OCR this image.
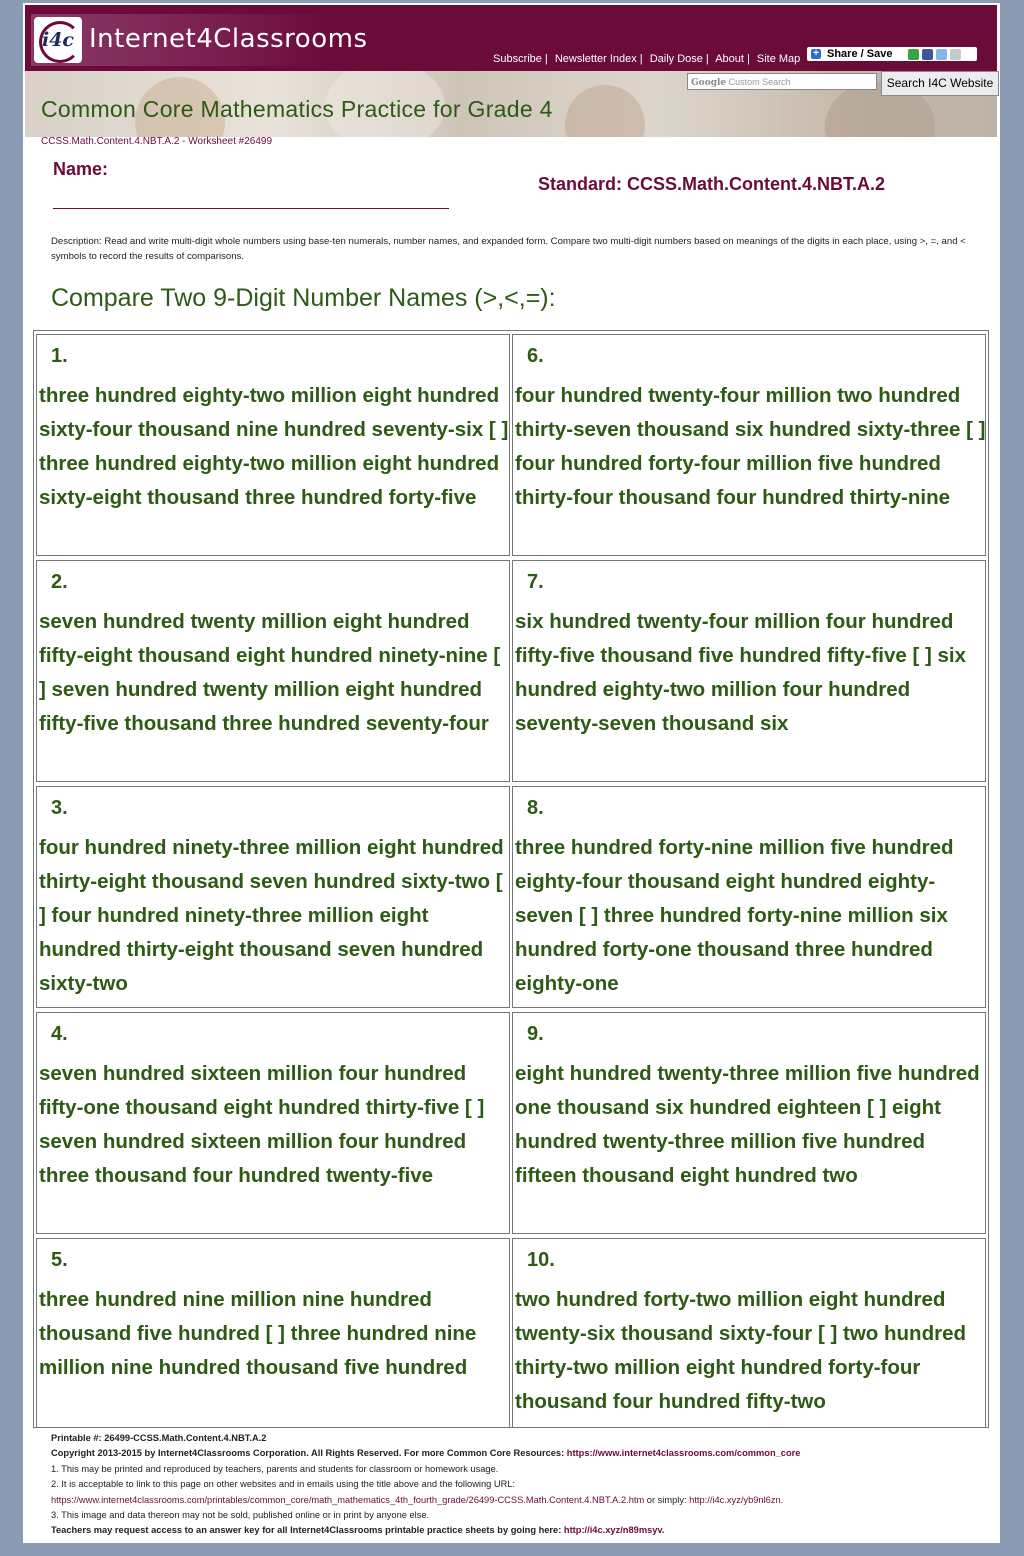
i4c Internet4Classrooms
Subscribe | Newsletter Index | Daily Dose | About | Site Map + Share / Save
Google Custom Search	Search I4C Website
Common Core Mathematics Practice for Grade 4
CCSS.Math.Content.4.NBT.A.2 - Worksheet #26499
Name:
Standard: CCSS.Math.Content.4.NBT.A.2
Description: Read and write multi-digit whole numbers using base-ten numerals, number names, and expanded form. Compare two multi-digit numbers based on meanings of the digits in each place, using >, =, and < symbols to record the results of comparisons.
Compare Two 9-Digit Number Names (>,<,=):
1.
three hundred eighty-two million eight hundred sixty-four thousand nine hundred seventy-six [ ] three hundred eighty-two million eight hundred sixty-eight thousand three hundred forty-five
6.
four hundred twenty-four million two hundred thirty-seven thousand six hundred sixty-three [ ] four hundred forty-four million five hundred thirty-four thousand four hundred thirty-nine
2.
seven hundred twenty million eight hundred fifty-eight thousand eight hundred ninety-nine [ ] seven hundred twenty million eight hundred fifty-five thousand three hundred seventy-four
7.
six hundred twenty-four million four hundred fifty-five thousand five hundred fifty-five [ ] six hundred eighty-two million four hundred seventy-seven thousand six
3.
four hundred ninety-three million eight hundred thirty-eight thousand seven hundred sixty-two [ ] four hundred ninety-three million eight hundred thirty-eight thousand seven hundred sixty-two
8.
three hundred forty-nine million five hundred eighty-four thousand eight hundred eighty-seven [ ] three hundred forty-nine million six hundred forty-one thousand three hundred eighty-one
4.
seven hundred sixteen million four hundred fifty-one thousand eight hundred thirty-five [ ] seven hundred sixteen million four hundred three thousand four hundred twenty-five
9.
eight hundred twenty-three million five hundred one thousand six hundred eighteen [ ] eight hundred twenty-three million five hundred fifteen thousand eight hundred two
5.
three hundred nine million nine hundred thousand five hundred [ ] three hundred nine million nine hundred thousand five hundred
10.
two hundred forty-two million eight hundred twenty-six thousand sixty-four [ ] two hundred thirty-two million eight hundred forty-four thousand four hundred fifty-two
Printable #: 26499-CCSS.Math.Content.4.NBT.A.2
Copyright 2013-2015 by Internet4Classrooms Corporation. All Rights Reserved. For more Common Core Resources: https://www.internet4classrooms.com/common_core
1. This may be printed and reproduced by teachers, parents and students for classroom or homework usage.
2. It is acceptable to link to this page on other websites and in emails using the title above and the following URL:
https://www.internet4classrooms.com/printables/common_core/math_mathematics_4th_fourth_grade/26499-CCSS.Math.Content.4.NBT.A.2.htm or simply: http://i4c.xyz/yb9nl6zn.
3. This image and data thereon may not be sold, published online or in print by anyone else.
Teachers may request access to an answer key for all Internet4Classrooms printable practice sheets by going here: http://i4c.xyz/n89msyv.
